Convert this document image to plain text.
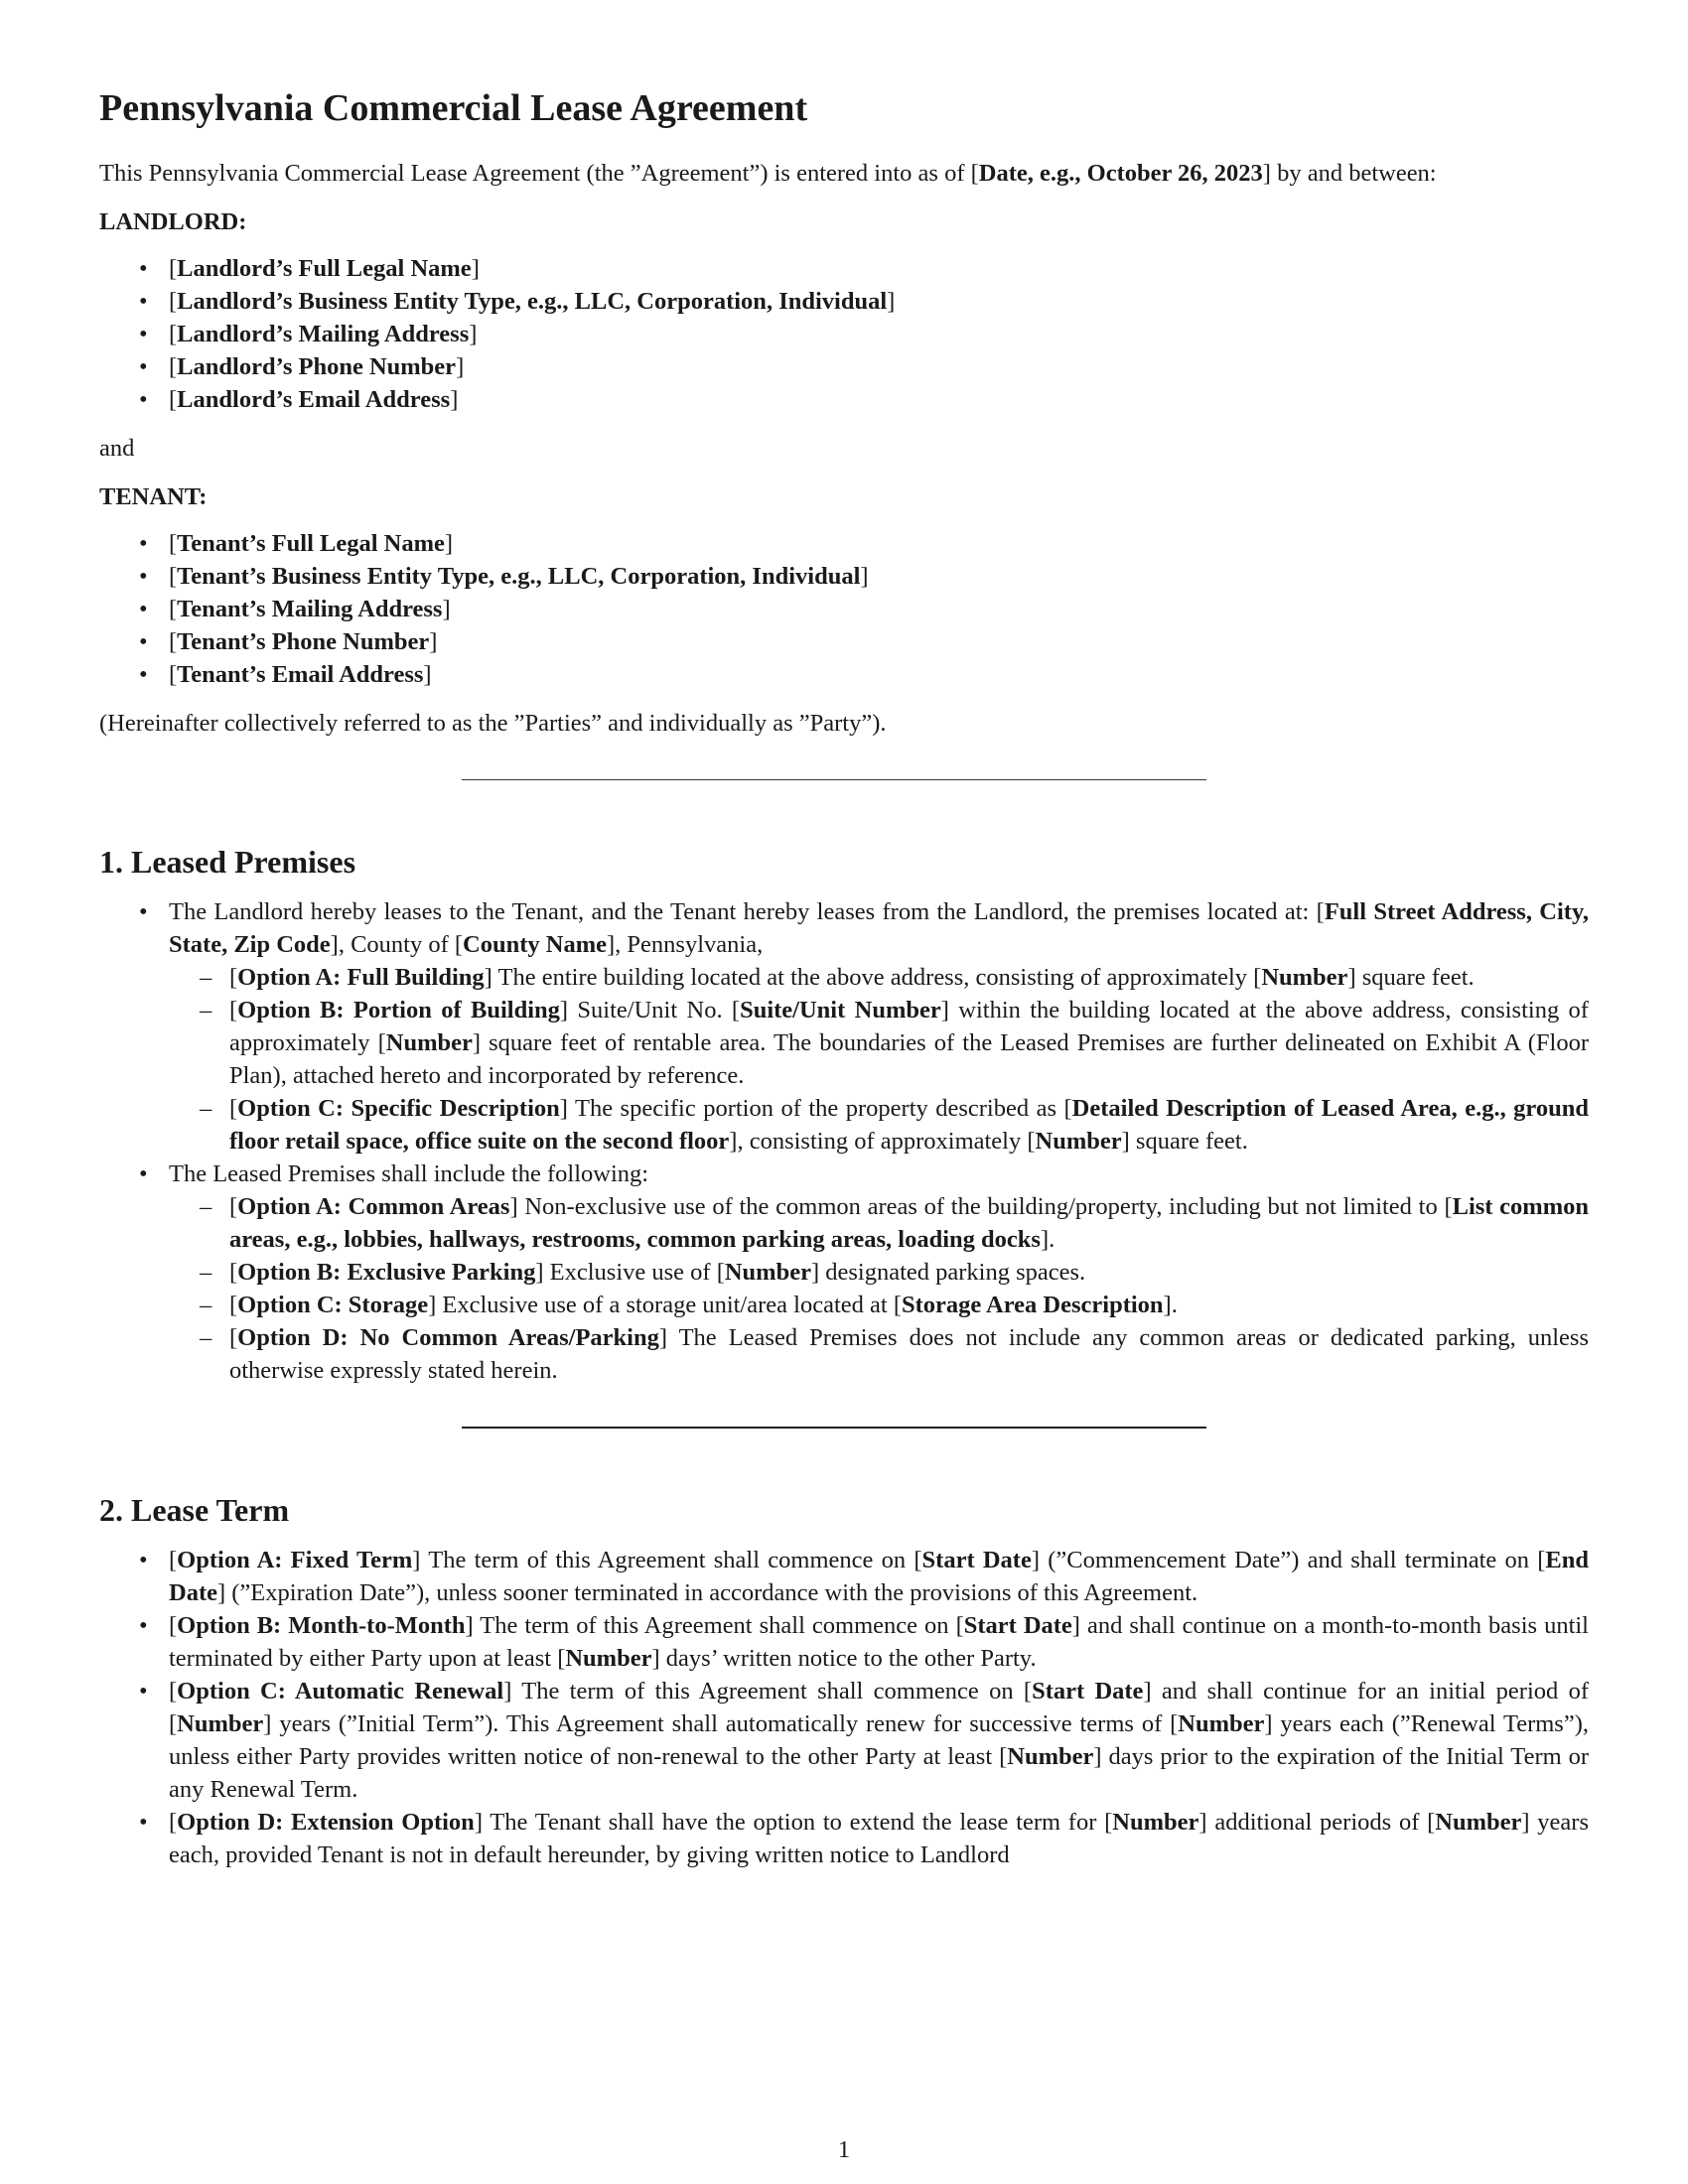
Pennsylvania Commercial Lease Agreement

This Pennsylvania Commercial Lease Agreement (the ”Agreement”) is entered into as of [Date, e.g., October 26, 2023] by and between:

LANDLORD:
• [Landlord’s Full Legal Name]
• [Landlord’s Business Entity Type, e.g., LLC, Corporation, Individual]
• [Landlord’s Mailing Address]
• [Landlord’s Phone Number]
• [Landlord’s Email Address]

and

TENANT:
• [Tenant’s Full Legal Name]
• [Tenant’s Business Entity Type, e.g., LLC, Corporation, Individual]
• [Tenant’s Mailing Address]
• [Tenant’s Phone Number]
• [Tenant’s Email Address]

(Hereinafter collectively referred to as the ”Parties” and individually as ”Party”).

1. Leased Premises
• The Landlord hereby leases to the Tenant, and the Tenant hereby leases from the Landlord, the premises located at: [Full Street Address, City, State, Zip Code], County of [County Name], Pennsylvania,
– [Option A: Full Building] The entire building located at the above address, consisting of approximately [Number] square feet.
– [Option B: Portion of Building] Suite/Unit No. [Suite/Unit Number] within the building located at the above address, consisting of approximately [Number] square feet of rentable area. The boundaries of the Leased Premises are further delineated on Exhibit A (Floor Plan), attached hereto and incorporated by reference.
– [Option C: Specific Description] The specific portion of the property described as [Detailed Description of Leased Area, e.g., ground floor retail space, office suite on the second floor], consisting of approximately [Number] square feet.
• The Leased Premises shall include the following:
– [Option A: Common Areas] Non-exclusive use of the common areas of the building/property, including but not limited to [List common areas, e.g., lobbies, hallways, restrooms, common parking areas, loading docks].
– [Option B: Exclusive Parking] Exclusive use of [Number] designated parking spaces.
– [Option C: Storage] Exclusive use of a storage unit/area located at [Storage Area Description].
– [Option D: No Common Areas/Parking] The Leased Premises does not include any common areas or dedicated parking, unless otherwise expressly stated herein.
2. Lease Term
• [Option A: Fixed Term] The term of this Agreement shall commence on [Start Date] (”Commencement Date”) and shall terminate on [End Date] (”Expiration Date”), unless sooner terminated in accordance with the provisions of this Agreement.
• [Option B: Month-to-Month] The term of this Agreement shall commence on [Start Date] and shall continue on a month-to-month basis until terminated by either Party upon at least [Number] days’ written notice to the other Party.
• [Option C: Automatic Renewal] The term of this Agreement shall commence on [Start Date] and shall continue for an initial period of [Number] years (”Initial Term”). This Agreement shall automatically renew for successive terms of [Number] years each (”Renewal Terms”), unless either Party provides written notice of non-renewal to the other Party at least [Number] days prior to the expiration of the Initial Term or any Renewal Term.
• [Option D: Extension Option] The Tenant shall have the option to extend the lease term for [Number] additional periods of [Number] years each, provided Tenant is not in default hereunder, by giving written notice to Landlord
1
